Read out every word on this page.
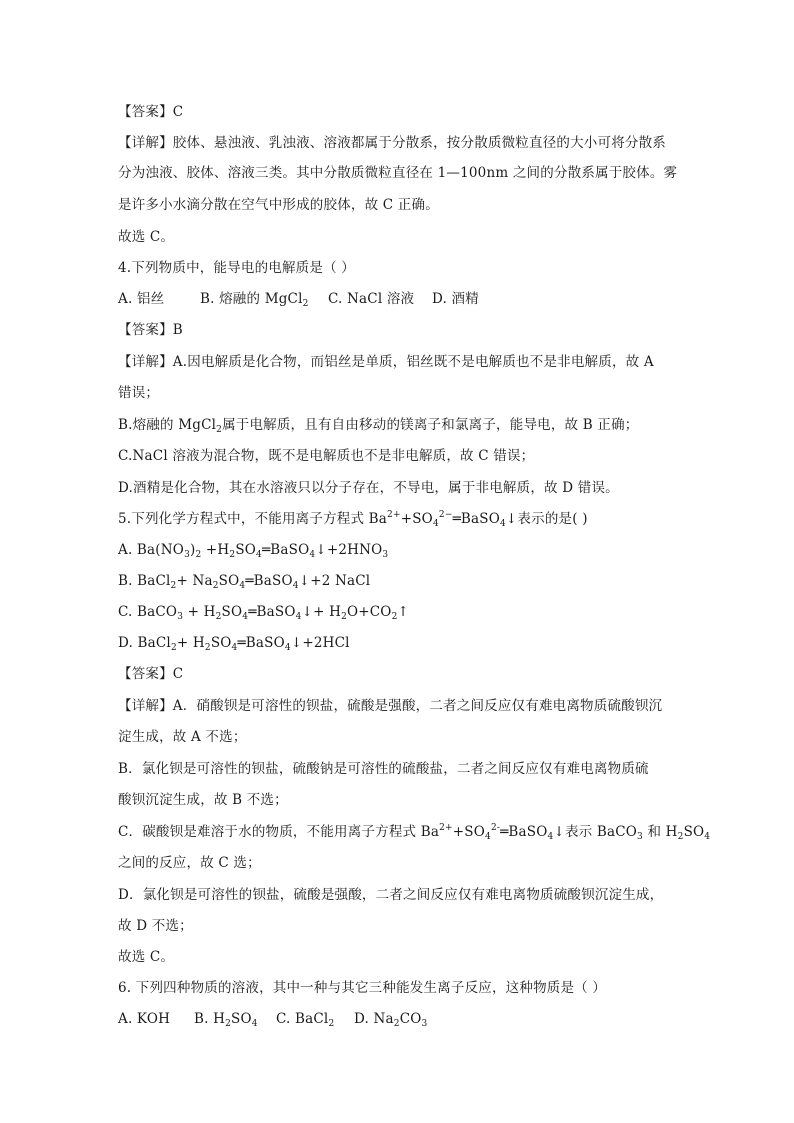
【答案】C
【详解】胶体、悬浊液、乳浊液、溶液都属于分散系，按分散质微粒直径的大小可将分散系
分为浊液、胶体、溶液三类。其中分散质微粒直径在 1—100nm 之间的分散系属于胶体。雾
是许多小水滴分散在空气中形成的胶体，故 C 正确。
故选 C。
4.下列物质中，能导电的电解质是（ ）
A. 铝丝	B. 熔融的 MgCl$_2$ C. NaCl 溶液 D. 酒精
【答案】B
【详解】A.因电解质是化合物，而铝丝是单质，铝丝既不是电解质也不是非电解质，故 A
错误；
B.熔融的 MgCl$_2$属于电解质，且有自由移动的镁离子和氯离子，能导电，故 B 正确；
C.NaCl 溶液为混合物，既不是电解质也不是非电解质，故 C 错误；
D.酒精是化合物，其在水溶液只以分子存在，不导电，属于非电解质，故 D 错误。
5.下列化学方程式中，不能用离子方程式 $Ba^{2+}+SO_4^{2-}═BaSO_4↓$表示的是( )
A. $Ba(NO_3)_2$ $+H_2SO_4═BaSO_4↓+2HNO_3$
B. BaCl$_2$+ $Na_2SO_4═BaSO_4↓+2$ NaCl
C. BaCO$_3$ + $H_2SO_4═BaSO_4↓+$ $H_2O+CO_2↑$
D. BaCl$_2$+ $H_2SO_4═BaSO_4↓+2HCl$
【答案】C
【详解】A．硝酸钡是可溶性的钡盐，硫酸是强酸，二者之间反应仅有难电离物质硫酸钡沉
淀生成，故 A 不选；
B．氯化钡是可溶性的钡盐，硫酸钠是可溶性的硫酸盐，二者之间反应仅有难电离物质硫
酸钡沉淀生成，故 B 不选；
C．碳酸钡是难溶于水的物质，不能用离子方程式 $Ba^{2+}+SO_4^{2-}═BaSO_4↓$表示 BaCO$_3$ 和 $H_2SO_4$
之间的反应，故 C 选；
D．氯化钡是可溶性的钡盐，硫酸是强酸，二者之间反应仅有难电离物质硫酸钡沉淀生成，
故 D 不选；
故选 C。
6. 下列四种物质的溶液，其中一种与其它三种能发生离子反应，这种物质是（ ）
A. KOH B. $H_2SO_4$ C. BaCl$_2$ D. $Na_2CO_3$
